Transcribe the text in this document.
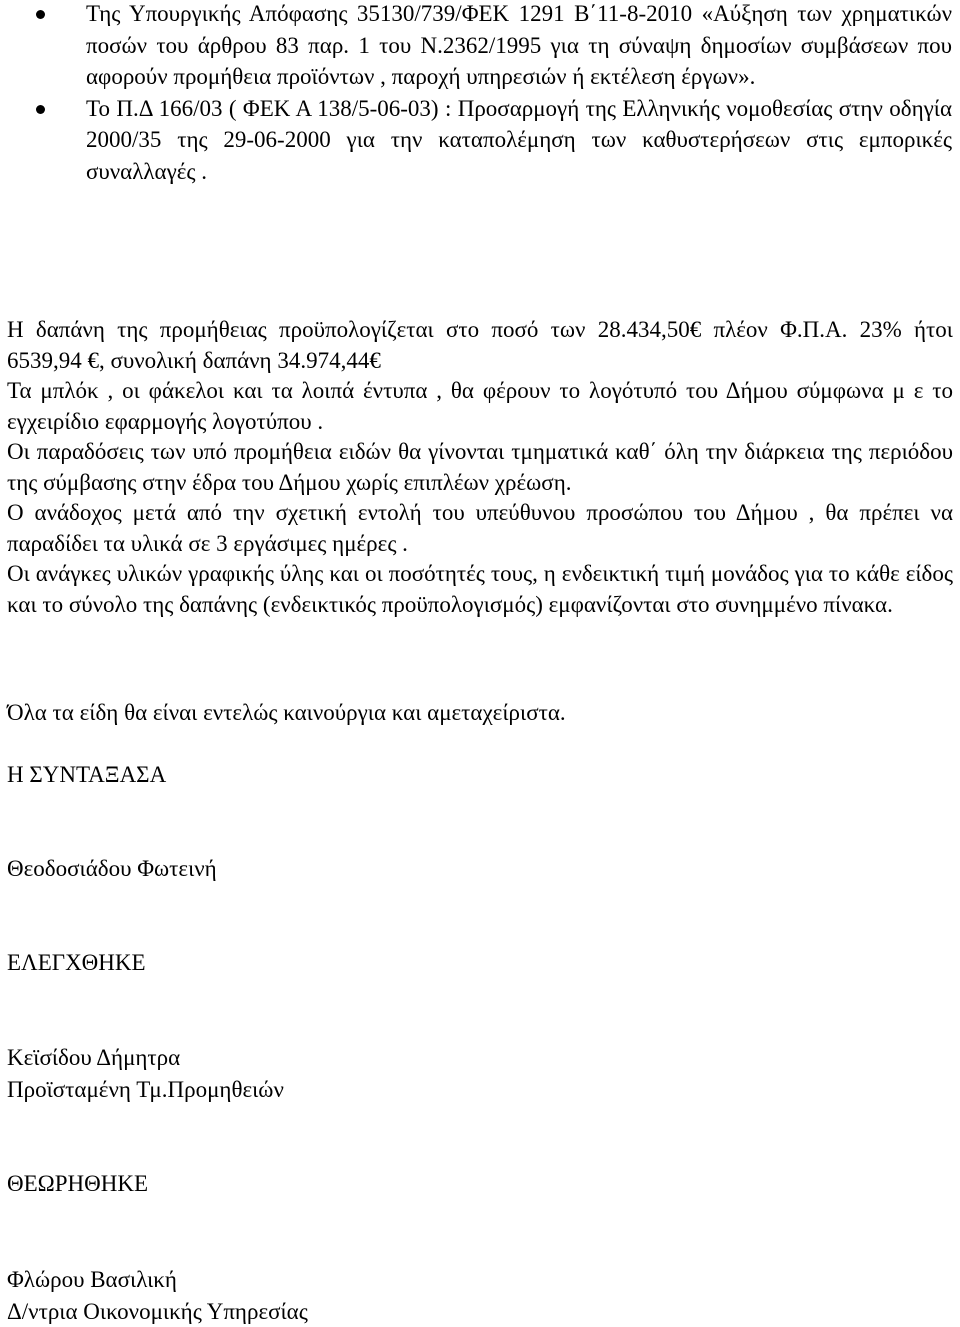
Της Υπουργικής Απόφασης 35130/739/ΦΕΚ 1291 Β΄11-8-2010 «Αύξηση των χρηματικών ποσών του άρθρου 83 παρ. 1 του Ν.2362/1995 για τη σύναψη δημοσίων συμβάσεων που αφορούν προμήθεια προϊόντων , παροχή υπηρεσιών ή εκτέλεση έργων».
Το Π.Δ 166/03 ( ΦΕΚ Α 138/5-06-03) : Προσαρμογή της Ελληνικής νομοθεσίας στην οδηγία 2000/35 της 29-06-2000 για την καταπολέμηση των καθυστερήσεων στις εμπορικές συναλλαγές .

Η δαπάνη της προμήθειας προϋπολογίζεται στο ποσό των 28.434,50€ πλέον Φ.Π.Α. 23% ήτοι 6539,94 €, συνολική δαπάνη 34.974,44€

Τα μπλόκ , οι φάκελοι και τα λοιπά έντυπα , θα φέρουν το λογότυπό του Δήμου σύμφωνα μ ε το εγχειρίδιο εφαρμογής λογοτύπου .

Οι παραδόσεις των υπό προμήθεια ειδών θα γίνονται τμηματικά καθ΄ όλη την διάρκεια της περιόδου της σύμβασης στην έδρα του Δήμου χωρίς επιπλέων χρέωση.

Ο ανάδοχος μετά από την σχετική εντολή του υπεύθυνου προσώπου του Δήμου , θα πρέπει να παραδίδει τα υλικά σε 3 εργάσιμες ημέρες .

Οι ανάγκες υλικών γραφικής ύλης και οι ποσότητές τους, η ενδεικτική τιμή μονάδος για το κάθε είδος και το σύνολο της δαπάνης (ενδεικτικός προϋπολογισμός) εμφανίζονται στο συνημμένο πίνακα.

Όλα τα είδη θα είναι εντελώς καινούργια και αμεταχείριστα.
Η ΣΥΝΤΑΞΑΣΑ
Θεοδοσιάδου Φωτεινή
ΕΛΕΓΧΘΗΚΕ
Κεϊσίδου Δήμητρα
Προϊσταμένη Τμ.Προμηθειών
ΘΕΩΡΗΘΗΚΕ
Φλώρου Βασιλική
Δ/ντρια Οικονομικής Υπηρεσίας
